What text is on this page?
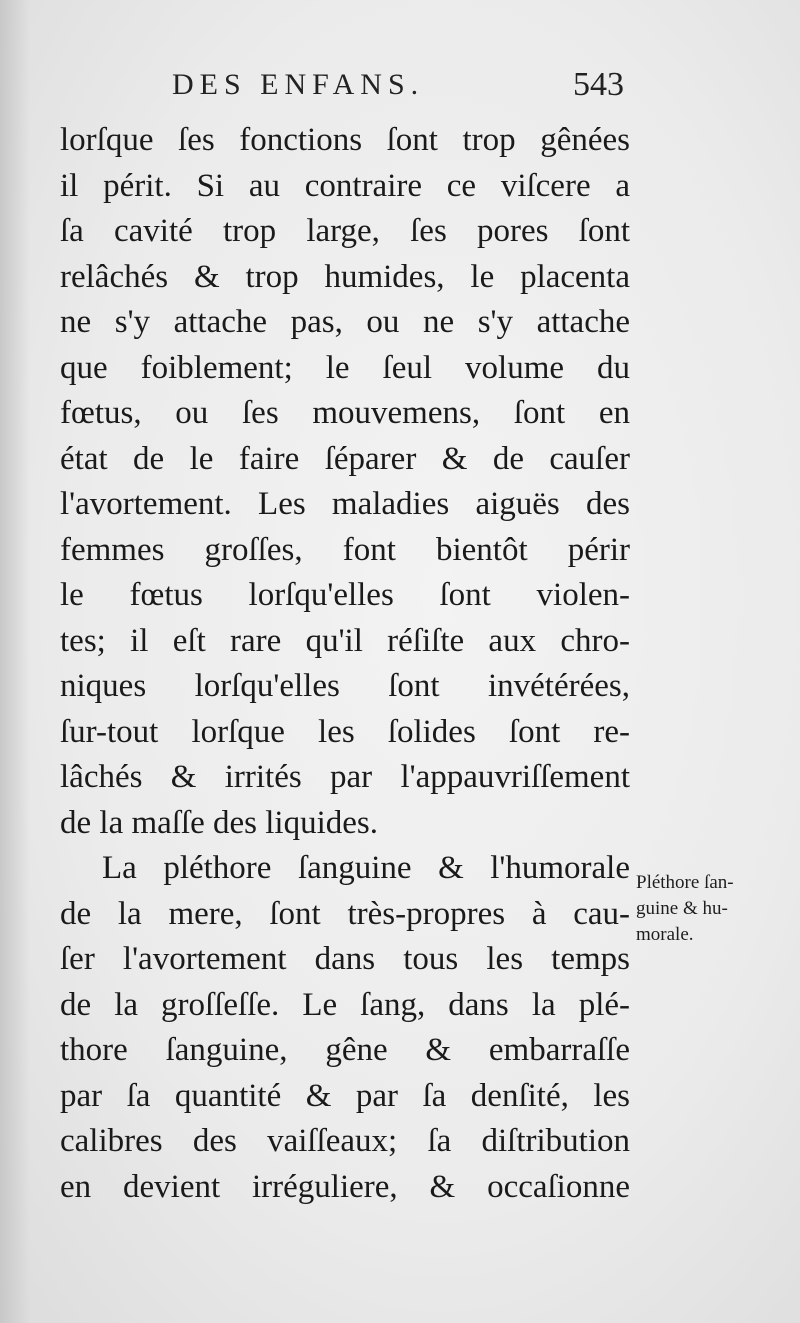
DES ENFANS.	543
lorſque ſes fonctions ſont trop gênées
il périt. Si au contraire ce viſcere a
ſa cavité trop large, ſes pores ſont
relâchés & trop humides, le placenta
ne s'y attache pas, ou ne s'y attache
que foiblement; le ſeul volume du
fœtus, ou ſes mouvemens, ſont en
état de le faire ſéparer & de cauſer
l'avortement. Les maladies aiguës des
femmes groſſes, font bientôt périr
le fœtus lorſqu'elles ſont violen-
tes; il eſt rare qu'il réſiſte aux chro-
niques lorſqu'elles ſont invétérées,
ſur-tout lorſque les ſolides ſont re-
lâchés & irrités par l'appauvriſſement
de la maſſe des liquides.
La pléthore ſanguine & l'humorale
de la mere, ſont très-propres à cau-
ſer l'avortement dans tous les temps
de la groſſeſſe. Le ſang, dans la plé-
thore ſanguine, gêne & embarraſſe
par ſa quantité & par ſa denſité, les
calibres des vaiſſeaux; ſa diſtribution
en devient irréguliere, & occaſionne
Pléthore ſan-
guine & hu-
morale.
